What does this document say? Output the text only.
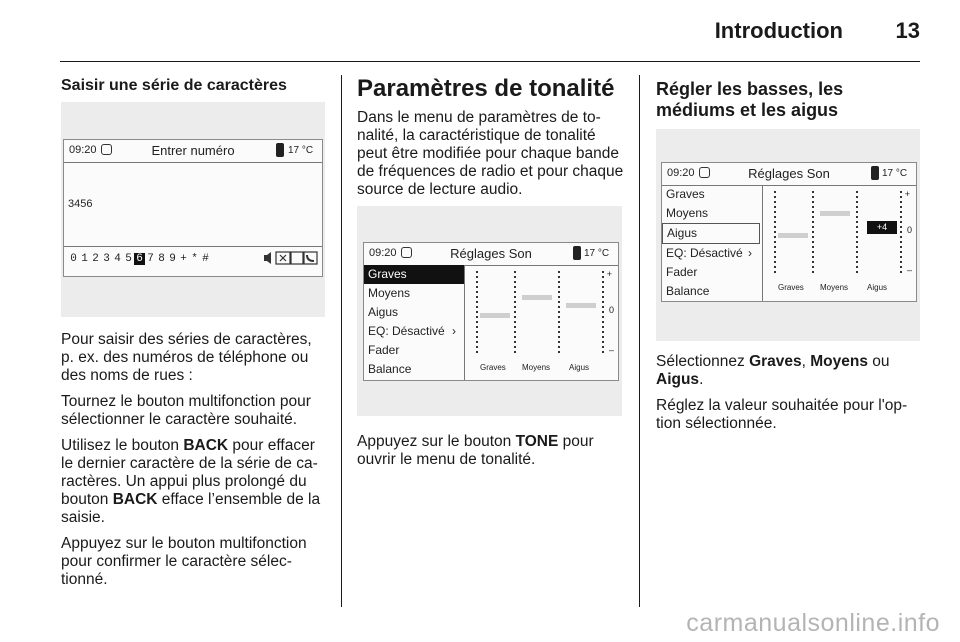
Introduction 13

Saisir une série de caractères

09:20	Entrer numéro	17 °C
3456
0 1 2 3 4 5 6 7 8 9 + * #

Pour saisir des séries de caractères, p. ex. des numéros de téléphone ou des noms de rues :

Tournez le bouton multifonction pour sélectionner le caractère souhaité.

Utilisez le bouton BACK pour effacer le dernier caractère de la série de ca-ractères. Un appui plus prolongé du bouton BACK efface l’ensemble de la saisie.

Appuyez sur le bouton multifonction pour confirmer le caractère sélec-tionné.

Paramètres de tonalité

Dans le menu de paramètres de to-nalité, la caractéristique de tonalité peut être modifiée pour chaque bande de fréquences de radio et pour chaque source de lecture audio.

09:20	Réglages Son	17 °C
Graves
Moyens
Aigus
EQ: Désactivé ›
Fader
Balance
+
0
–
Graves Moyens Aigus

Appuyez sur le bouton TONE pour ouvrir le menu de tonalité.

Régler les basses, les médiums et les aigus

09:20	Réglages Son	17 °C
Graves
Moyens
Aigus
EQ: Désactivé ›
Fader
Balance
+
0
–
+4
Graves Moyens Aigus

Sélectionnez Graves, Moyens ou
Aigus.

Réglez la valeur souhaitée pour l'op-tion sélectionnée.

carmanualsonline.info
